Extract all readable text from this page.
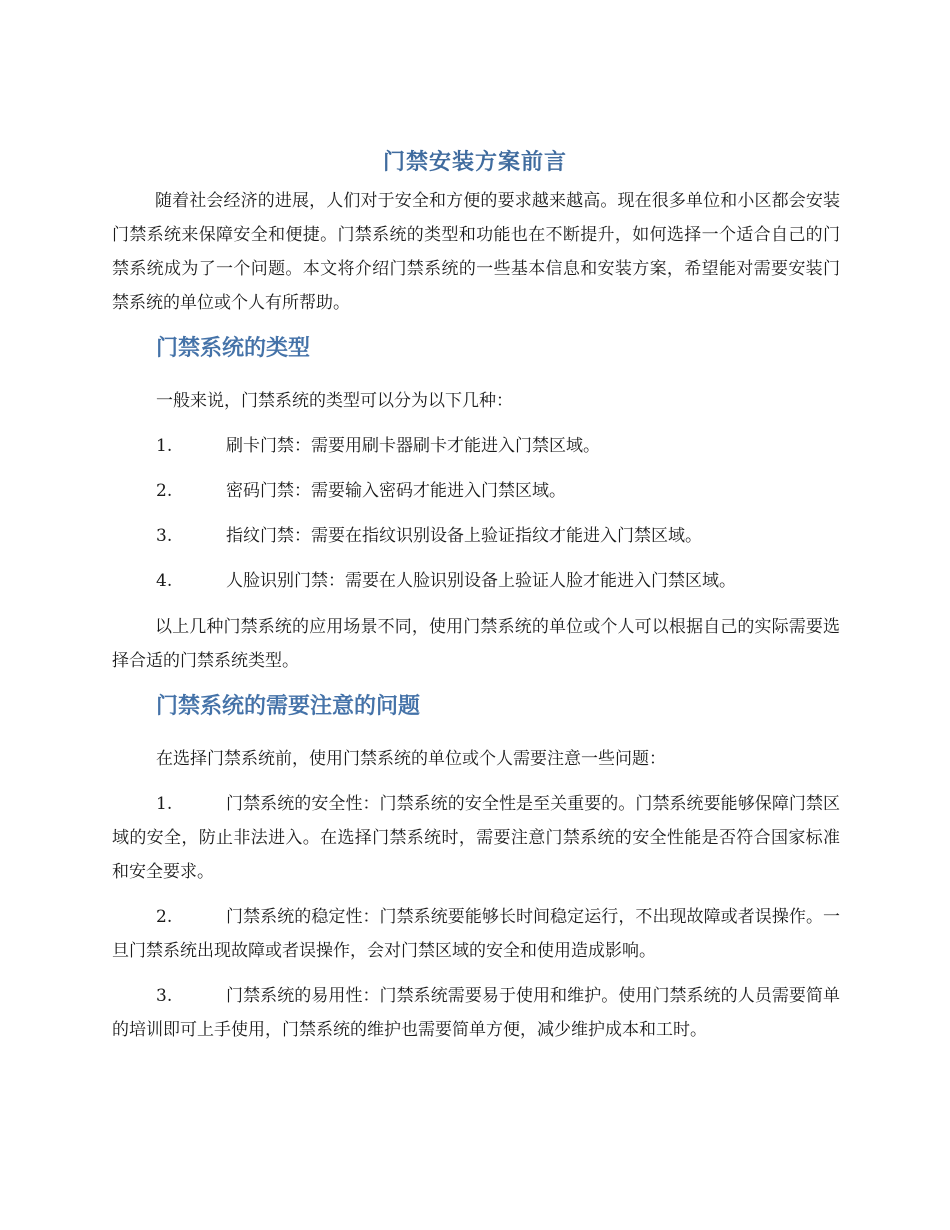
门禁安装方案前言

随着社会经济的进展，人们对于安全和方便的要求越来越高。现在很多单位和小区都会安装门禁系统来保障安全和便捷。门禁系统的类型和功能也在不断提升，如何选择一个适合自己的门禁系统成为了一个问题。本文将介绍门禁系统的一些基本信息和安装方案，希望能对需要安装门禁系统的单位或个人有所帮助。

门禁系统的类型
一般来说，门禁系统的类型可以分为以下几种：
1.	刷卡门禁：需要用刷卡器刷卡才能进入门禁区域。
2.	密码门禁：需要输入密码才能进入门禁区域。
3.	指纹门禁：需要在指纹识别设备上验证指纹才能进入门禁区域。
4.	人脸识别门禁：需要在人脸识别设备上验证人脸才能进入门禁区域。

以上几种门禁系统的应用场景不同，使用门禁系统的单位或个人可以根据自己的实际需要选择合适的门禁系统类型。

门禁系统的需要注意的问题
在选择门禁系统前，使用门禁系统的单位或个人需要注意一些问题：

1.	门禁系统的安全性：门禁系统的安全性是至关重要的。门禁系统要能够保障门禁区域的安全，防止非法进入。在选择门禁系统时，需要注意门禁系统的安全性能是否符合国家标准和安全要求。

2.	门禁系统的稳定性：门禁系统要能够长时间稳定运行，不出现故障或者误操作。一旦门禁系统出现故障或者误操作，会对门禁区域的安全和使用造成影响。

3.	门禁系统的易用性：门禁系统需要易于使用和维护。使用门禁系统的人员需要简单的培训即可上手使用，门禁系统的维护也需要简单方便，减少维护成本和工时。
